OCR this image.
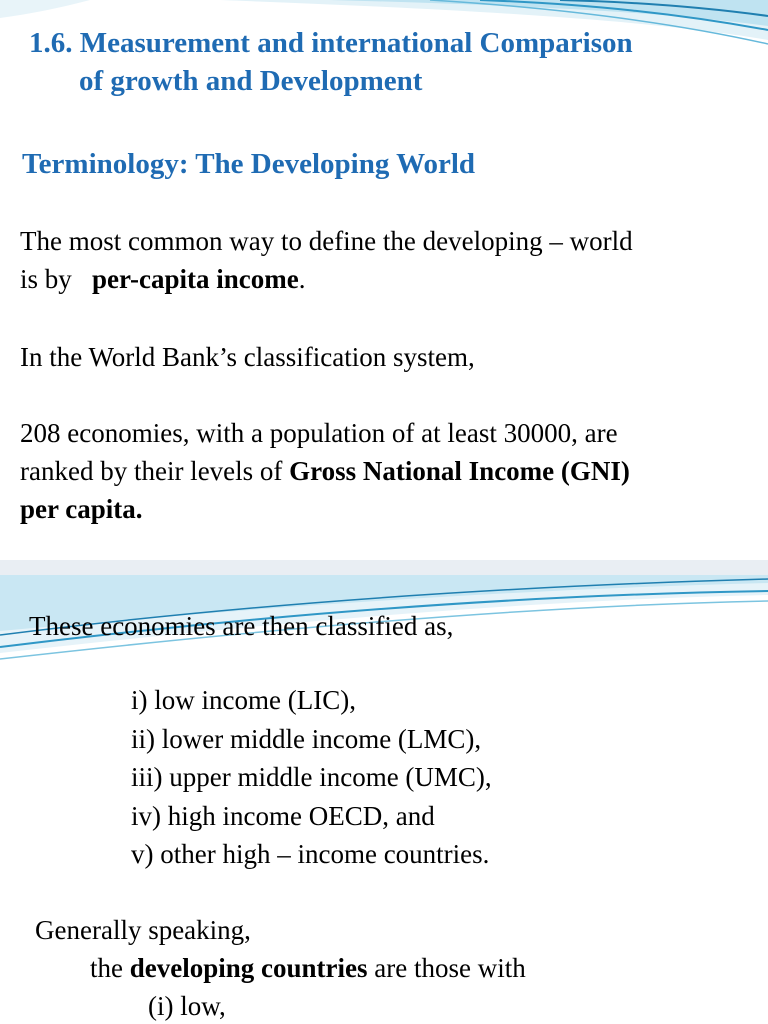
1.6. Measurement and international Comparison
of growth and Development
Terminology: The Developing World

The most common way to define the developing – world
is by   per-capita income.

In the World Bank’s classification system,

208 economies, with a population of at least 30000, are
ranked by their levels of Gross National Income (GNI)
per capita.

These economies are then classified as,

i) low income (LIC),
ii) lower middle income (LMC),
iii) upper middle income (UMC),
iv) high income OECD, and
v) other high – income countries.

Generally speaking,

the developing countries are those with

(i) low,
